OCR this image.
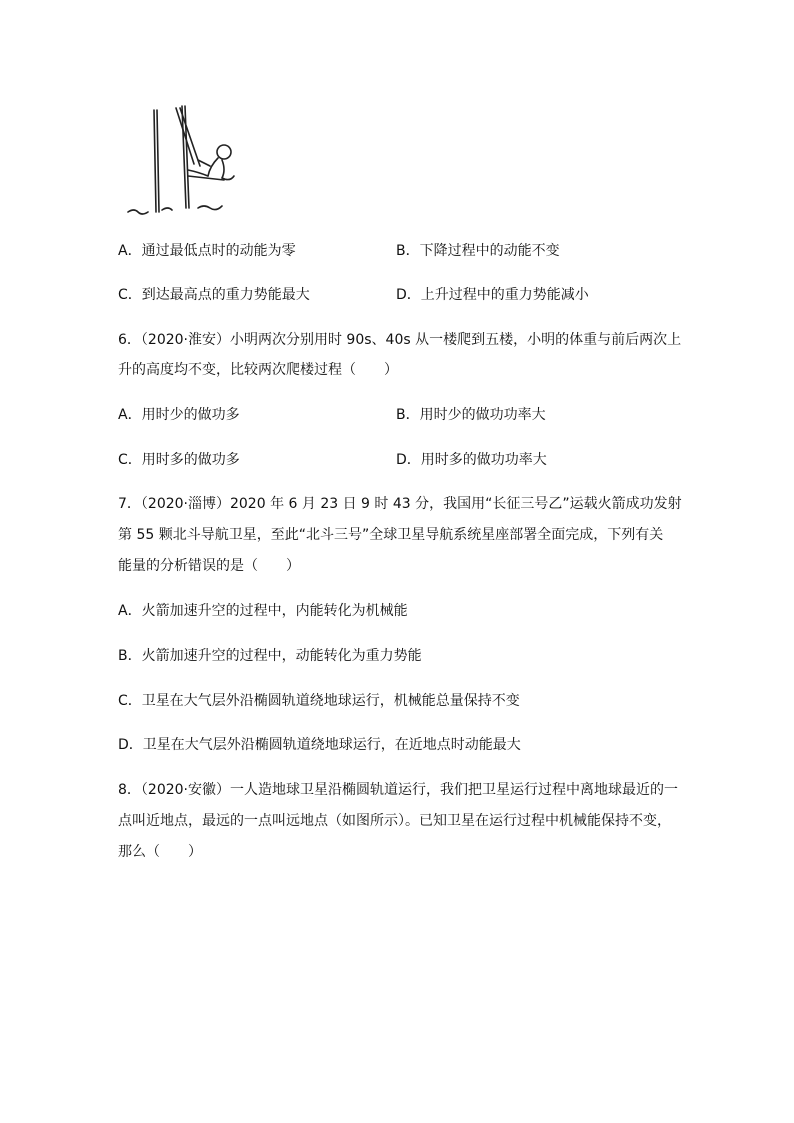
A．通过最低点时的动能为零	B．下降过程中的动能不变
C．到达最高点的重力势能最大	D．上升过程中的重力势能减小
6．（2020·淮安）小明两次分别用时 90s、40s 从一楼爬到五楼，小明的体重与前后两次上
升的高度均不变，比较两次爬楼过程（　　）
A．用时少的做功多	B．用时少的做功功率大
C．用时多的做功多	D．用时多的做功功率大
7．（2020·淄博）2020 年 6 月 23 日 9 时 43 分，我国用“长征三号乙”运载火箭成功发射
第 55 颗北斗导航卫星，至此“北斗三号”全球卫星导航系统星座部署全面完成，下列有关
能量的分析错误的是（　　）
A．火箭加速升空的过程中，内能转化为机械能
B．火箭加速升空的过程中，动能转化为重力势能
C．卫星在大气层外沿椭圆轨道绕地球运行，机械能总量保持不变
D．卫星在大气层外沿椭圆轨道绕地球运行，在近地点时动能最大
8．（2020·安徽）一人造地球卫星沿椭圆轨道运行，我们把卫星运行过程中离地球最近的一
点叫近地点，最远的一点叫远地点（如图所示）。已知卫星在运行过程中机械能保持不变，
那么（　　）
